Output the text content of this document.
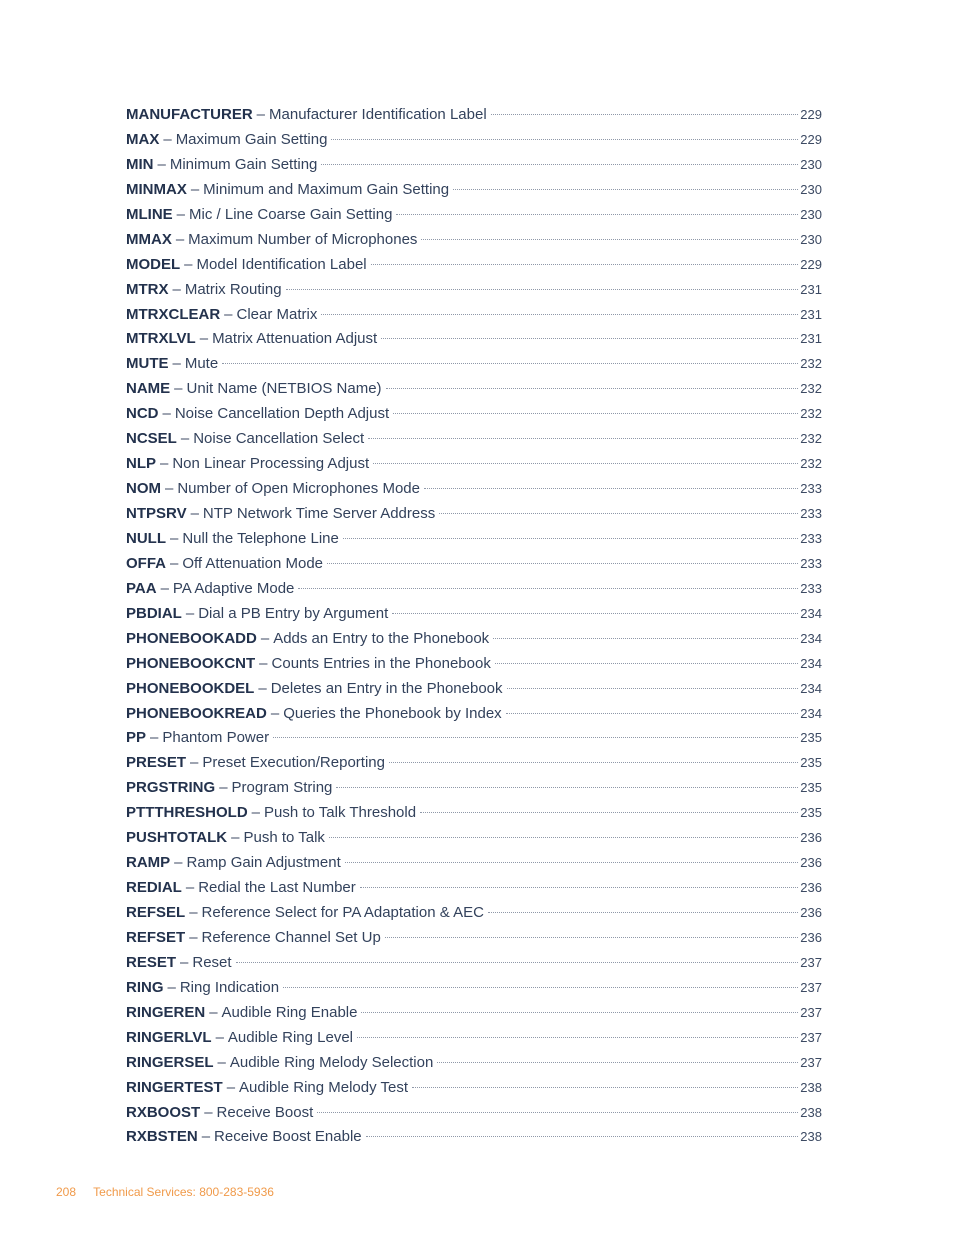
MANUFACTURER – Manufacturer Identification Label	229
MAX – Maximum Gain Setting	229
MIN – Minimum Gain Setting	230
MINMAX – Minimum and Maximum Gain Setting	230
MLINE – Mic / Line Coarse Gain Setting	230
MMAX – Maximum Number of Microphones	230
MODEL – Model Identification Label	229
MTRX – Matrix Routing	231
MTRXCLEAR – Clear Matrix	231
MTRXLVL – Matrix Attenuation Adjust	231
MUTE – Mute	232
NAME – Unit Name (NETBIOS Name)	232
NCD – Noise Cancellation Depth Adjust	232
NCSEL – Noise Cancellation Select	232
NLP – Non Linear Processing Adjust	232
NOM – Number of Open Microphones Mode	233
NTPSRV – NTP Network Time Server Address	233
NULL – Null the Telephone Line	233
OFFA – Off Attenuation Mode	233
PAA – PA Adaptive Mode	233
PBDIAL – Dial a PB Entry by Argument	234
PHONEBOOKADD – Adds an Entry to the Phonebook	234
PHONEBOOKCNT – Counts Entries in the Phonebook	234
PHONEBOOKDEL – Deletes an Entry in the Phonebook	234
PHONEBOOKREAD – Queries the Phonebook by Index	234
PP – Phantom Power	235
PRESET – Preset Execution/Reporting	235
PRGSTRING – Program String	235
PTTTHRESHOLD – Push to Talk Threshold	235
PUSHTOTALK – Push to Talk	236
RAMP – Ramp Gain Adjustment	236
REDIAL – Redial the Last Number	236
REFSEL – Reference Select for PA Adaptation & AEC	236
REFSET – Reference Channel Set Up	236
RESET – Reset	237
RING – Ring Indication	237
RINGEREN – Audible Ring Enable	237
RINGERLVL – Audible Ring Level	237
RINGERSEL – Audible Ring Melody Selection	237
RINGERTEST – Audible Ring Melody Test	238
RXBOOST – Receive Boost	238
RXBSTEN – Receive Boost Enable	238
208 Technical Services: 800-283-5936
